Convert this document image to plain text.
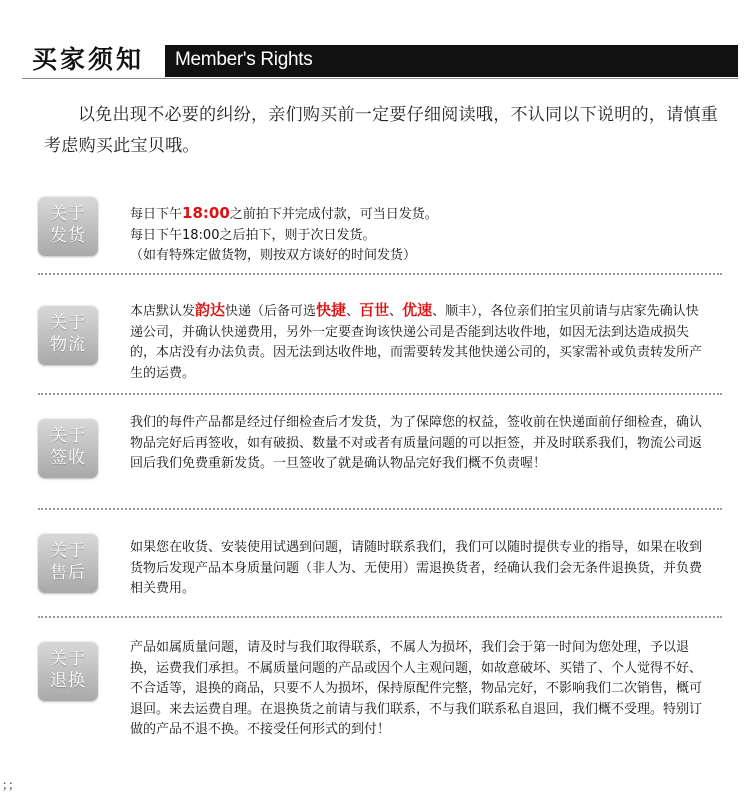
买家须知 Member's Rights
以免出现不必要的纠纷，亲们购买前一定要仔细阅读哦，不认同以下说明的，请慎重考虑购买此宝贝哦。
关于
发货
每日下午18:00之前拍下并完成付款，可当日发货。
每日下午18:00之后拍下，则于次日发货。
（如有特殊定做货物，则按双方谈好的时间发货）
关于
物流
本店默认发韵达快递（后备可选快捷、百世、优速、顺丰），各位亲们拍宝贝前请与店家先确认快递公司，并确认快递费用，另外一定要查询该快递公司是否能到达收件地，如因无法到达造成损失的，本店没有办法负责。因无法到达收件地，而需要转发其他快递公司的，买家需补或负责转发所产生的运费。
关于
签收
我们的每件产品都是经过仔细检查后才发货，为了保障您的权益，签收前在快递面前仔细检查，确认物品完好后再签收，如有破损、数量不对或者有质量问题的可以拒签，并及时联系我们，物流公司返回后我们免费重新发货。一旦签收了就是确认物品完好我们概不负责喔！
关于
售后
如果您在收货、安装使用试遇到问题，请随时联系我们，我们可以随时提供专业的指导，如果在收到货物后发现产品本身质量问题（非人为、无使用）需退换货者，经确认我们会无条件退换货，并负费相关费用。
关于
退换
产品如属质量问题，请及时与我们取得联系，不属人为损坏，我们会于第一时间为您处理，予以退换，运费我们承担。不属质量问题的产品或因个人主观问题，如故意破坏、买错了、个人觉得不好、不合适等，退换的商品，只要不人为损坏，保持原配件完整，物品完好，不影响我们二次销售，概可退回。来去运费自理。在退换货之前请与我们联系，不与我们联系私自退回，我们概不受理。特别订做的产品不退不换。不接受任何形式的到付！
；；
